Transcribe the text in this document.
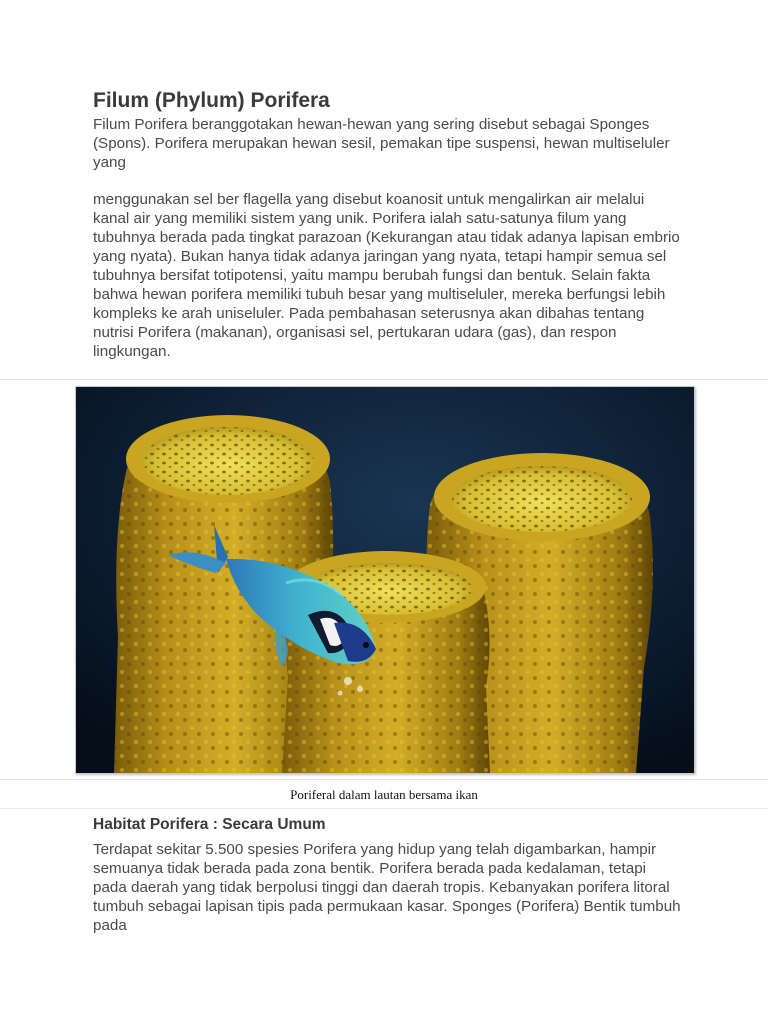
Filum (Phylum) Porifera

Filum Porifera beranggotakan hewan-hewan yang sering disebut sebagai Sponges (Spons). Porifera merupakan hewan sesil, pemakan tipe suspensi, hewan multiseluler yang

menggunakan sel ber flagella yang disebut koanosit untuk mengalirkan air melalui kanal air yang memiliki sistem yang unik. Porifera ialah satu-satunya filum yang tubuhnya berada pada tingkat parazoan (Kekurangan atau tidak adanya lapisan embrio yang nyata). Bukan hanya tidak adanya jaringan yang nyata, tetapi hampir semua sel tubuhnya bersifat totipotensi, yaitu mampu berubah fungsi dan bentuk. Selain fakta bahwa hewan porifera memiliki tubuh besar yang multiseluler, mereka berfungsi lebih kompleks ke arah uniseluler. Pada pembahasan seterusnya akan dibahas tentang nutrisi Porifera (makanan), organisasi sel, pertukaran udara (gas), dan respon lingkungan.

Poriferal dalam lautan bersama ikan

Habitat Porifera : Secara Umum

Terdapat sekitar 5.500 spesies Porifera yang hidup yang telah digambarkan, hampir semuanya tidak berada pada zona bentik. Porifera berada pada kedalaman, tetapi pada daerah yang tidak berpolusi tinggi dan daerah tropis. Kebanyakan porifera litoral tumbuh sebagai lapisan tipis pada permukaan kasar. Sponges (Porifera) Bentik tumbuh pada
